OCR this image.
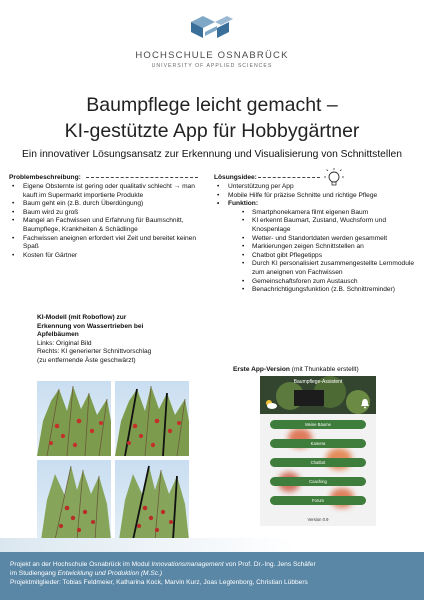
HOCHSCHULE OSNABRÜCK
UNIVERSITY OF APPLIED SCIENCES
Baumpflege leicht gemacht –
KI-gestützte App für Hobbygärtner
Ein innovativer Lösungsansatz zur Erkennung und Visualisierung von Schnittstellen
Problembeschreibung:
• Eigene Obsternte ist gering oder qualitativ schlecht → man kauft im Supermarkt importierte Produkte
• Baum geht ein (z.B. durch Überdüngung)
• Baum wird zu groß
• Mangel an Fachwissen und Erfahrung für Baumschnitt, Baumpflege, Krankheiten & Schädlinge
• Fachwissen aneignen erfordert viel Zeit und bereitet keinen Spaß
• Kosten für Gärtner
Lösungsidee:
• Unterstützung per App
• Mobile Hilfe für präzise Schnitte und richtige Pflege
• Funktion:
• Smartphonekamera filmt eigenen Baum
• KI erkennt Baumart, Zustand, Wuchsform und Knospenlage
• Wetter- und Standortdaten werden gesammelt
• Markierungen zeigen Schnittstellen an
• Chatbot gibt Pflegetipps
• Durch KI personalisiert zusammengestellte Lernmodule zum aneignen von Fachwissen
• Gemeinschaftsforen zum Austausch
• Benachrichtigungsfunktion (z.B. Schnittreminder)
KI-Modell (mit Roboflow) zur
Erkennung von Wassertrieben bei
Apfelbäumen
Links: Original Bild
Rechts: KI generierter Schnittvorschlag
(zu entfernende Äste geschwärzt)
Erste App-Version (mit Thunkable erstellt)
Baumpflege-Assistent
Meine Bäume
Kamera
Chatbot
Coaching
Forum
Version 0.9
Projekt an der Hochschule Osnabrück im Modul Innovationsmanagement von Prof. Dr.-Ing. Jens Schäfer
im Studiengang Entwicklung und Produktion (M.Sc.)
Projektmitglieder: Tobias Feldmeier, Katharina Kock, Marvin Kurz, Joas Legtenborg, Christian Lübbers
